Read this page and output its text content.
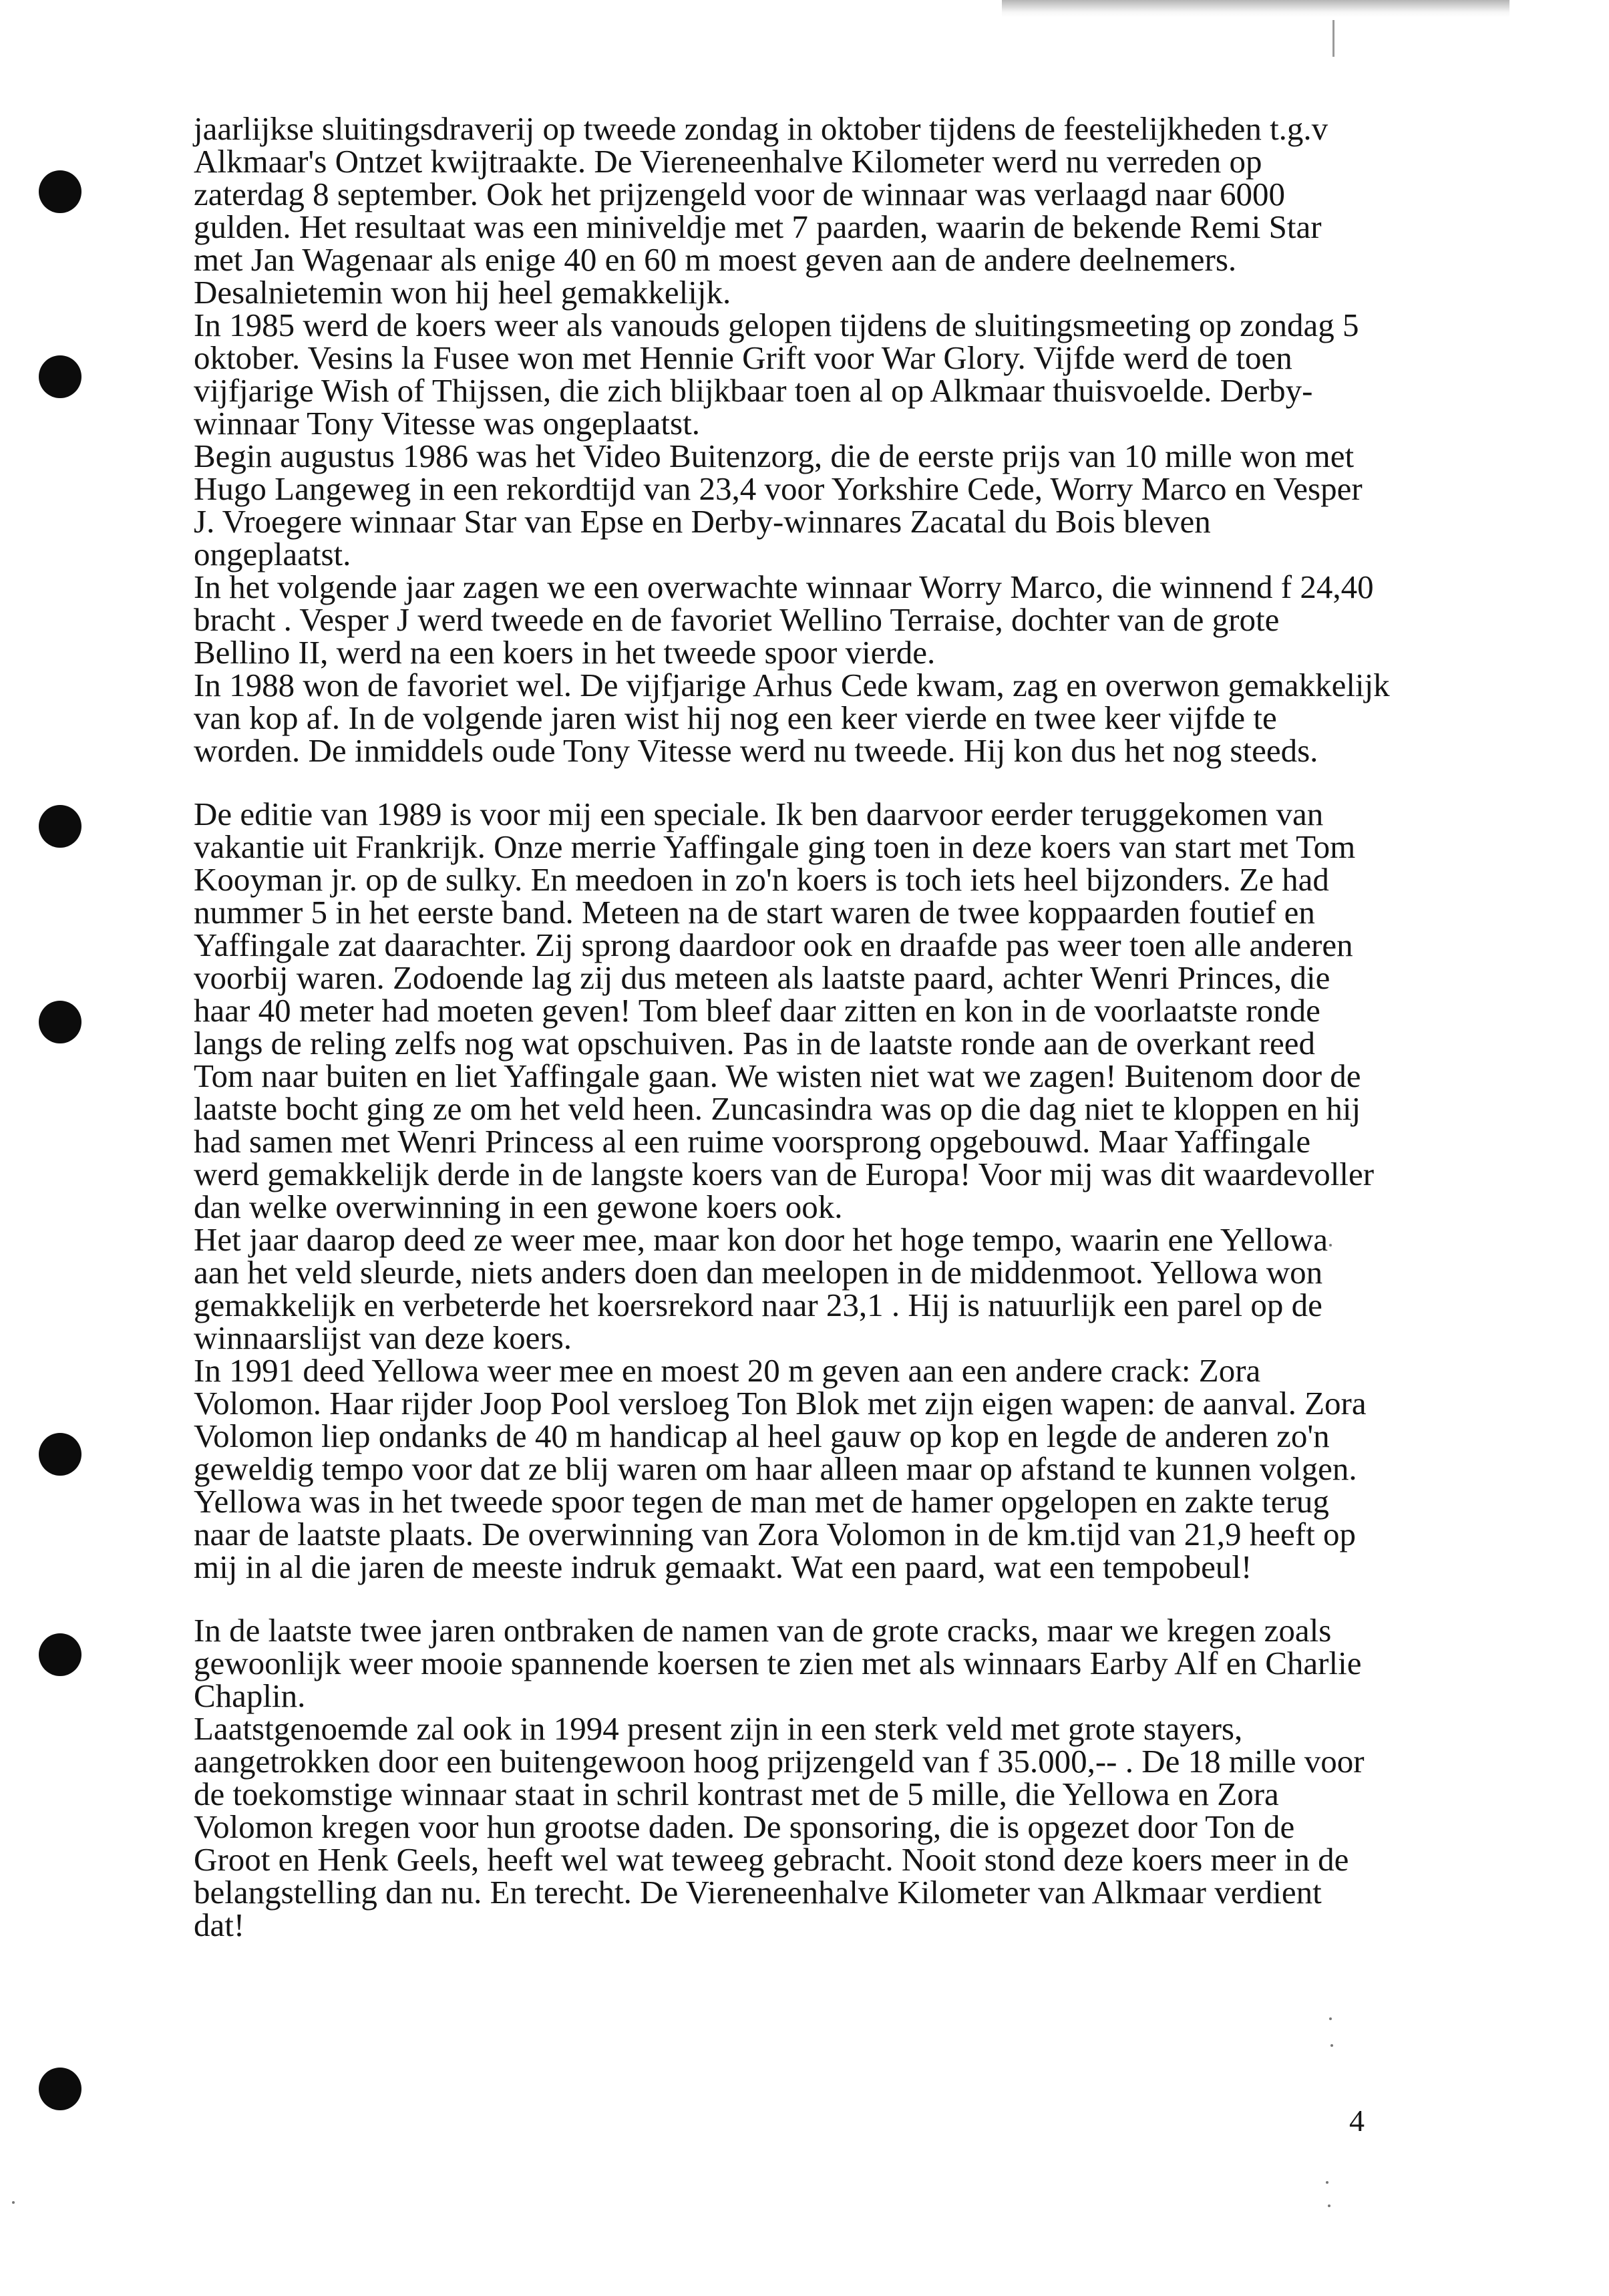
jaarlijkse sluitingsdraverij op tweede zondag in oktober tijdens de feestelijkheden t.g.v
Alkmaar's Ontzet kwijtraakte. De Viereneenhalve Kilometer werd nu verreden op
zaterdag 8 september. Ook het prijzengeld voor de winnaar was verlaagd naar 6000
gulden. Het resultaat was een miniveldje met 7 paarden, waarin de bekende Remi Star
met Jan Wagenaar als enige 40 en 60 m moest geven aan de andere deelnemers.
Desalnietemin won hij heel gemakkelijk.
In 1985 werd de koers weer als vanouds gelopen tijdens de sluitingsmeeting op zondag 5
oktober. Vesins la Fusee won met Hennie Grift voor War Glory. Vijfde werd de toen
vijfjarige Wish of Thijssen, die zich blijkbaar toen al op Alkmaar thuisvoelde. Derby-
winnaar Tony Vitesse was ongeplaatst.
Begin augustus 1986 was het Video Buitenzorg, die de eerste prijs van 10 mille won met
Hugo Langeweg in een rekordtijd van 23,4 voor Yorkshire Cede, Worry Marco en Vesper
J. Vroegere winnaar Star van Epse en Derby-winnares Zacatal du Bois bleven
ongeplaatst.
In het volgende jaar zagen we een overwachte winnaar Worry Marco, die winnend f 24,40
bracht . Vesper J werd tweede en de favoriet Wellino Terraise, dochter van de grote
Bellino II, werd na een koers in het tweede spoor vierde.
In 1988 won de favoriet wel. De vijfjarige Arhus Cede kwam, zag en overwon gemakkelijk
van kop af. In de volgende jaren wist hij nog een keer vierde en twee keer vijfde te
worden. De inmiddels oude Tony Vitesse werd nu tweede. Hij kon dus het nog steeds.
De editie van 1989 is voor mij een speciale. Ik ben daarvoor eerder teruggekomen van
vakantie uit Frankrijk. Onze merrie Yaffingale ging toen in deze koers van start met Tom
Kooyman jr. op de sulky. En meedoen in zo'n koers is toch iets heel bijzonders. Ze had
nummer 5 in het eerste band. Meteen na de start waren de twee koppaarden foutief en
Yaffingale zat daarachter. Zij sprong daardoor ook en draafde pas weer toen alle anderen
voorbij waren. Zodoende lag zij dus meteen als laatste paard, achter Wenri Princes, die
haar 40 meter had moeten geven! Tom bleef daar zitten en kon in de voorlaatste ronde
langs de reling zelfs nog wat opschuiven. Pas in de laatste ronde aan de overkant reed
Tom naar buiten en liet Yaffingale gaan. We wisten niet wat we zagen! Buitenom door de
laatste bocht ging ze om het veld heen. Zuncasindra was op die dag niet te kloppen en hij
had samen met Wenri Princess al een ruime voorsprong opgebouwd. Maar Yaffingale
werd gemakkelijk derde in de langste koers van de Europa! Voor mij was dit waardevoller
dan welke overwinning in een gewone koers ook.
Het jaar daarop deed ze weer mee, maar kon door het hoge tempo, waarin ene Yellowa
aan het veld sleurde, niets anders doen dan meelopen in de middenmoot. Yellowa won
gemakkelijk en verbeterde het koersrekord naar 23,1 . Hij is natuurlijk een parel op de
winnaarslijst van deze koers.
In 1991 deed Yellowa weer mee en moest 20 m geven aan een andere crack: Zora
Volomon. Haar rijder Joop Pool versloeg Ton Blok met zijn eigen wapen: de aanval. Zora
Volomon liep ondanks de 40 m handicap al heel gauw op kop en legde de anderen zo'n
geweldig tempo voor dat ze blij waren om haar alleen maar op afstand te kunnen volgen.
Yellowa was in het tweede spoor tegen de man met de hamer opgelopen en zakte terug
naar de laatste plaats. De overwinning van Zora Volomon in de km.tijd van 21,9 heeft op
mij in al die jaren de meeste indruk gemaakt. Wat een paard, wat een tempobeul!
In de laatste twee jaren ontbraken de namen van de grote cracks, maar we kregen zoals
gewoonlijk weer mooie spannende koersen te zien met als winnaars Earby Alf en Charlie
Chaplin.
Laatstgenoemde zal ook in 1994 present zijn in een sterk veld met grote stayers,
aangetrokken door een buitengewoon hoog prijzengeld van f 35.000,-- . De 18 mille voor
de toekomstige winnaar staat in schril kontrast met de 5 mille, die Yellowa en Zora
Volomon kregen voor hun grootse daden. De sponsoring, die is opgezet door Ton de
Groot en Henk Geels, heeft wel wat teweeg gebracht. Nooit stond deze koers meer in de
belangstelling dan nu. En terecht. De Viereneenhalve Kilometer van Alkmaar verdient
dat!
4
